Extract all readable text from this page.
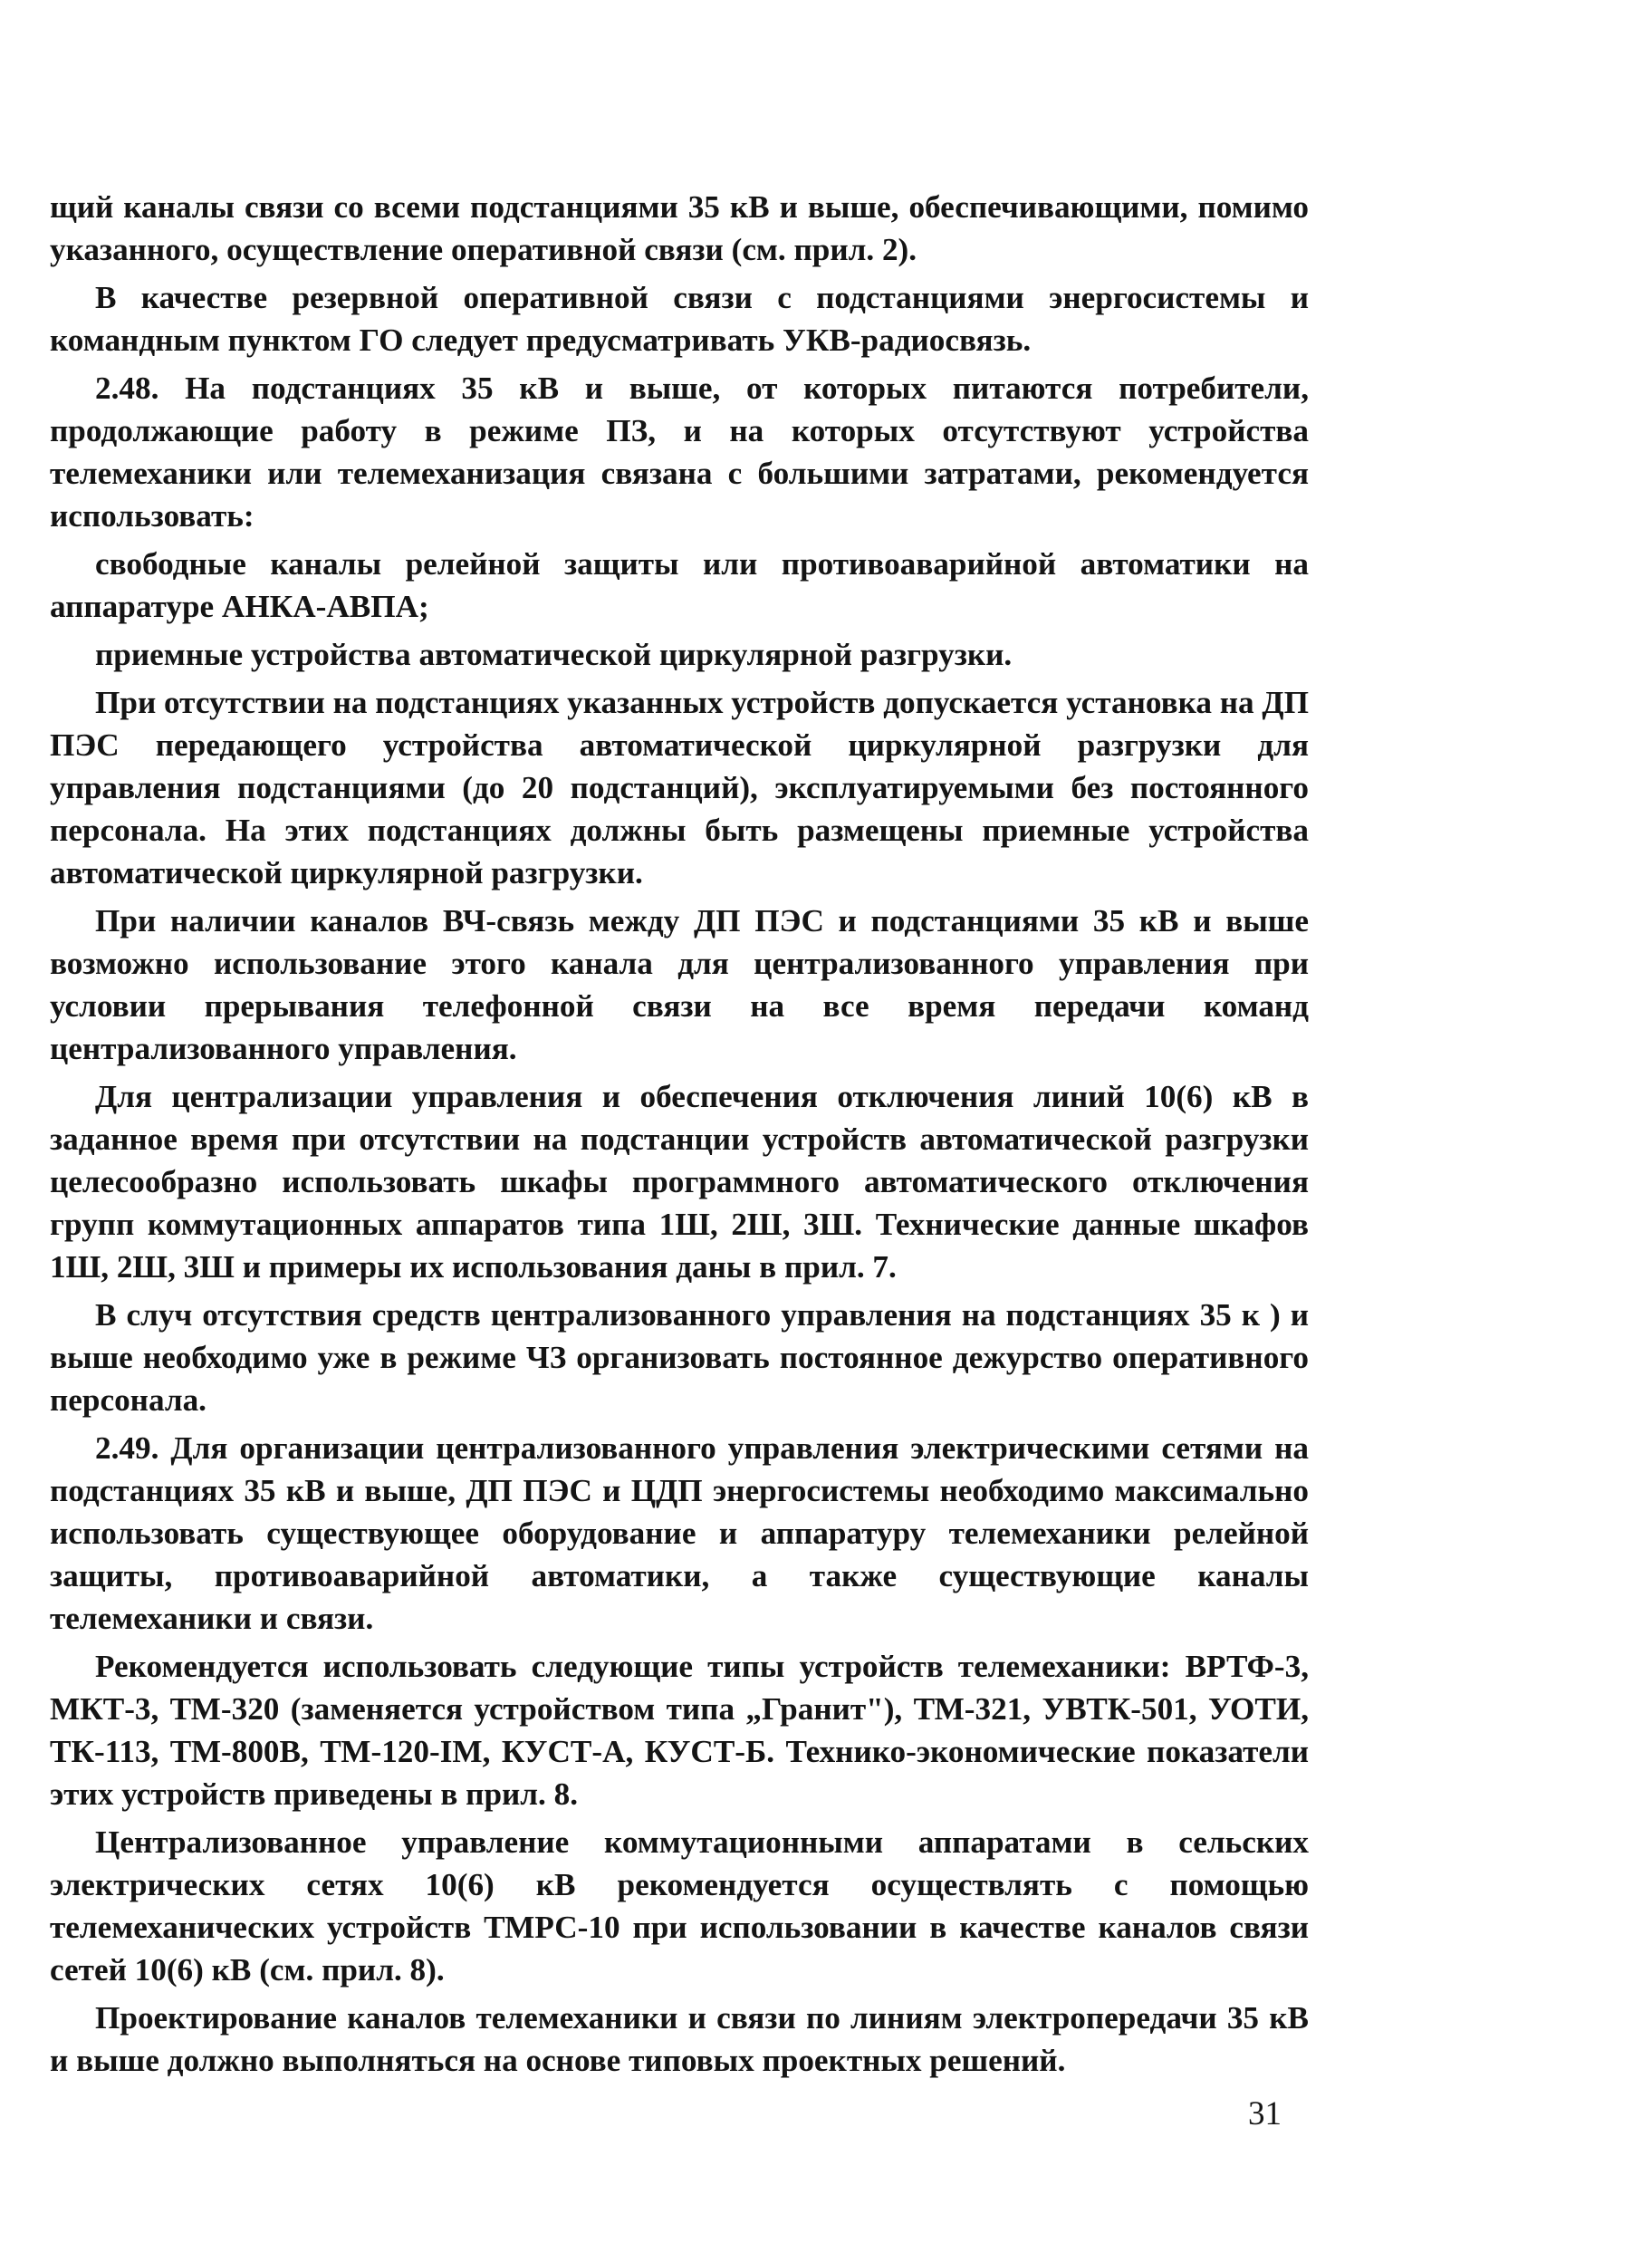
щий каналы связи со всеми подстанциями 35 кВ и выше, обеспечивающими, помимо указанного, осуществление оперативной связи (см. прил. 2).

В качестве резервной оперативной связи с подстанциями энергосистемы и командным пунктом ГО следует предусматривать УКВ-радиосвязь.

2.48. На подстанциях 35 кВ и выше, от которых питаются потребители, продолжающие работу в режиме ПЗ, и на которых отсутствуют устройства телемеханики или телемеханизация связана с большими затратами, рекомендуется использовать:

свободные каналы релейной защиты или противоаварийной автоматики на аппаратуре АНКА-АВПА;

приемные устройства автоматической циркулярной разгрузки.

При отсутствии на подстанциях указанных устройств допускается установка на ДП ПЭС передающего устройства автоматической циркулярной разгрузки для управления подстанциями (до 20 подстанций), эксплуатируемыми без постоянного персонала. На этих подстанциях должны быть размещены приемные устройства автоматической циркулярной разгрузки.

При наличии каналов ВЧ-связь между ДП ПЭС и подстанциями 35 кВ и выше возможно использование этого канала для централизованного управления при условии прерывания телефонной связи на все время передачи команд централизованного управления.

Для централизации управления и обеспечения отключения линий 10(6) кВ в заданное время при отсутствии на подстанции устройств автоматической разгрузки целесообразно использовать шкафы программного автоматического отключения групп коммутационных аппаратов типа 1Ш, 2Ш, 3Ш. Технические данные шкафов 1Ш, 2Ш, 3Ш и примеры их использования даны в прил. 7.

В случ отсутствия средств централизованного управления на подстанциях 35 к ) и выше необходимо уже в режиме ЧЗ организовать постоянное дежурство оперативного персонала.

2.49. Для организации централизованного управления электрическими сетями на подстанциях 35 кВ и выше, ДП ПЭС и ЦДП энергосистемы необходимо максимально использовать существующее оборудование и аппаратуру телемеханики релейной защиты, противоаварийной автоматики, а также существующие каналы телемеханики и связи.

Рекомендуется использовать следующие типы устройств телемеханики: ВРТФ-3, МКТ-3, ТМ-320 (заменяется устройством типа „Гранит"), ТМ-321, УВТК-501, УОТИ, ТК-113, ТМ-800В, ТМ-120-IМ, КУСТ-А, КУСТ-Б. Технико-экономические показатели этих устройств приведены в прил. 8.

Централизованное управление коммутационными аппаратами в сельских электрических сетях 10(6) кВ рекомендуется осуществлять с помощью телемеханических устройств ТМРС-10 при использовании в качестве каналов связи сетей 10(6) кВ (см. прил. 8).

Проектирование каналов телемеханики и связи по линиям электропередачи 35 кВ и выше должно выполняться на основе типовых проектных решений.

31
